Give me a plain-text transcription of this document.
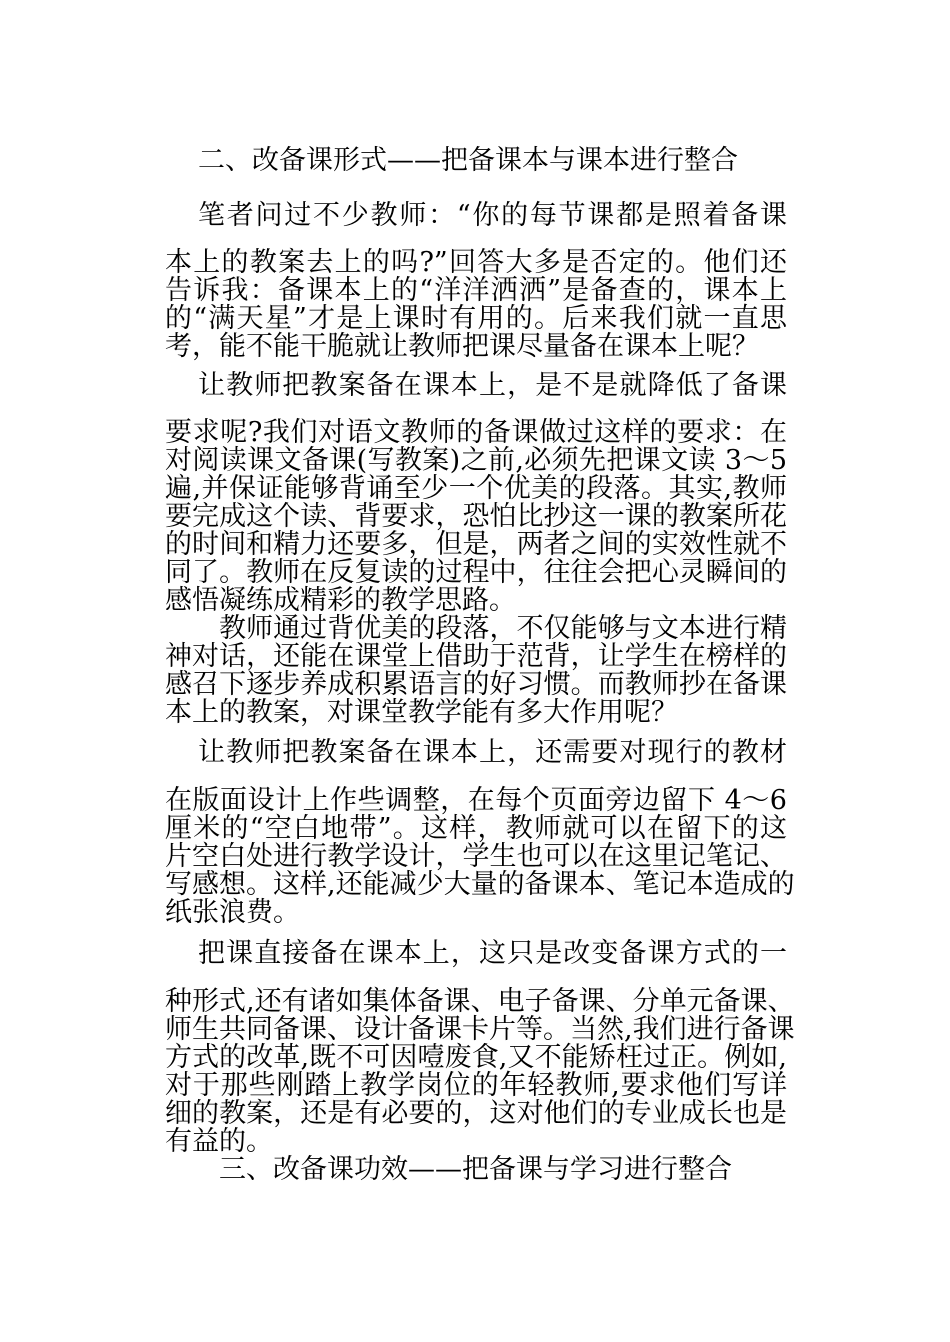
二、改备课形式——把备课本与课本进行整合
笔者问过不少教师：“你的每节课都是照着备课
本上的教案去上的吗?”回答大多是否定的。他们还
告诉我：备课本上的“洋洋洒洒”是备查的，课本上
的“满天星”才是上课时有用的。后来我们就一直思
考，能不能干脆就让教师把课尽量备在课本上呢？
让教师把教案备在课本上，是不是就降低了备课
要求呢?我们对语文教师的备课做过这样的要求：在
对阅读课文备课(写教案)之前,必须先把课文读 3～5
遍,并保证能够背诵至少一个优美的段落。其实,教师
要完成这个读、背要求，恐怕比抄这一课的教案所花
的时间和精力还要多，但是，两者之间的实效性就不
同了。教师在反复读的过程中，往往会把心灵瞬间的
感悟凝练成精彩的教学思路。
教师通过背优美的段落，不仅能够与文本进行精
神对话，还能在课堂上借助于范背，让学生在榜样的
感召下逐步养成积累语言的好习惯。而教师抄在备课
本上的教案，对课堂教学能有多大作用呢？
让教师把教案备在课本上，还需要对现行的教材
在版面设计上作些调整，在每个页面旁边留下 4～6
厘米的“空白地带”。这样，教师就可以在留下的这
片空白处进行教学设计，学生也可以在这里记笔记、
写感想。这样,还能减少大量的备课本、笔记本造成的
纸张浪费。
把课直接备在课本上，这只是改变备课方式的一
种形式,还有诸如集体备课、电子备课、分单元备课、
师生共同备课、设计备课卡片等。当然,我们进行备课
方式的改革,既不可因噎废食,又不能矫枉过正。例如,
对于那些刚踏上教学岗位的年轻教师,要求他们写详
细的教案，还是有必要的，这对他们的专业成长也是
有益的。
三、改备课功效——把备课与学习进行整合
